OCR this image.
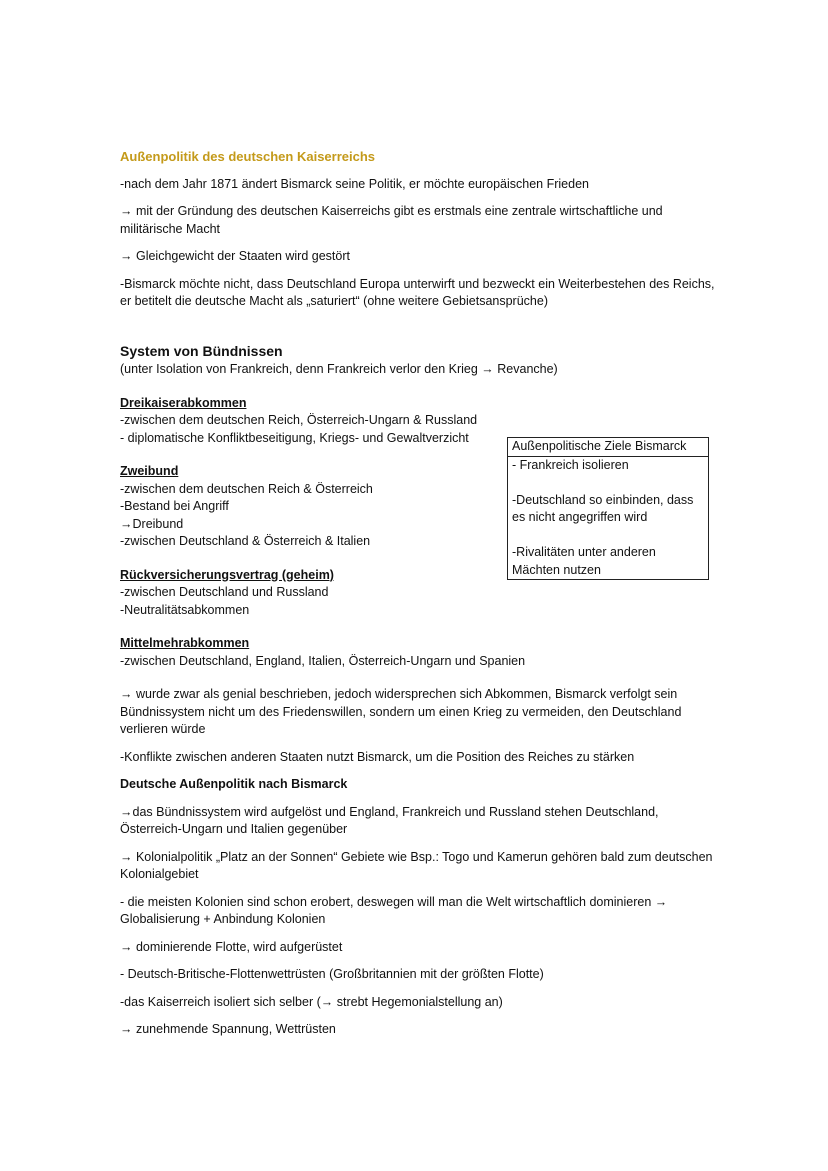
Außenpolitik des deutschen Kaiserreichs

-nach dem Jahr 1871 ändert Bismarck seine Politik, er möchte europäischen Frieden

→ mit der Gründung des deutschen Kaiserreichs gibt es erstmals eine zentrale wirtschaftliche und militärische Macht

→ Gleichgewicht der Staaten wird gestört

-Bismarck möchte nicht, dass Deutschland Europa unterwirft und bezweckt ein Weiterbestehen des Reichs, er betitelt die deutsche Macht als „saturiert“ (ohne weitere Gebietsansprüche)

System von Bündnissen
(unter Isolation von Frankreich, denn Frankreich verlor den Krieg → Revanche)
Dreikaiserabkommen
-zwischen dem deutschen Reich, Österreich-Ungarn & Russland
- diplomatische Konfliktbeseitigung, Kriegs- und Gewaltverzicht
Zweibund
-zwischen dem deutschen Reich & Österreich
-Bestand bei Angriff
→Dreibund
-zwischen Deutschland & Österreich & Italien
Rückversicherungsvertrag (geheim)
-zwischen Deutschland und Russland
-Neutralitätsabkommen
Mittelmehrabkommen
-zwischen Deutschland, England, Italien, Österreich-Ungarn und Spanien

→ wurde zwar als genial beschrieben, jedoch widersprechen sich Abkommen, Bismarck verfolgt sein Bündnissystem nicht um des Friedenswillen, sondern um einen Krieg zu vermeiden, den Deutschland verlieren würde

-Konflikte zwischen anderen Staaten nutzt Bismarck, um die Position des Reiches zu stärken

Deutsche Außenpolitik nach Bismarck

→das Bündnissystem wird aufgelöst und England, Frankreich und Russland stehen Deutschland, Österreich-Ungarn und Italien gegenüber

→ Kolonialpolitik „Platz an der Sonnen“ Gebiete wie Bsp.: Togo und Kamerun gehören bald zum deutschen Kolonialgebiet

- die meisten Kolonien sind schon erobert, deswegen will man die Welt wirtschaftlich dominieren → Globalisierung + Anbindung Kolonien

→ dominierende Flotte, wird aufgerüstet

- Deutsch-Britische-Flottenwettrüsten (Großbritannien mit der größten Flotte)

-das Kaiserreich isoliert sich selber (→ strebt Hegemonialstellung an)

→ zunehmende Spannung, Wettrüsten

Außenpolitische Ziele Bismarck
- Frankreich isolieren
-Deutschland so einbinden, dass es nicht angegriffen wird
-Rivalitäten unter anderen Mächten nutzen
